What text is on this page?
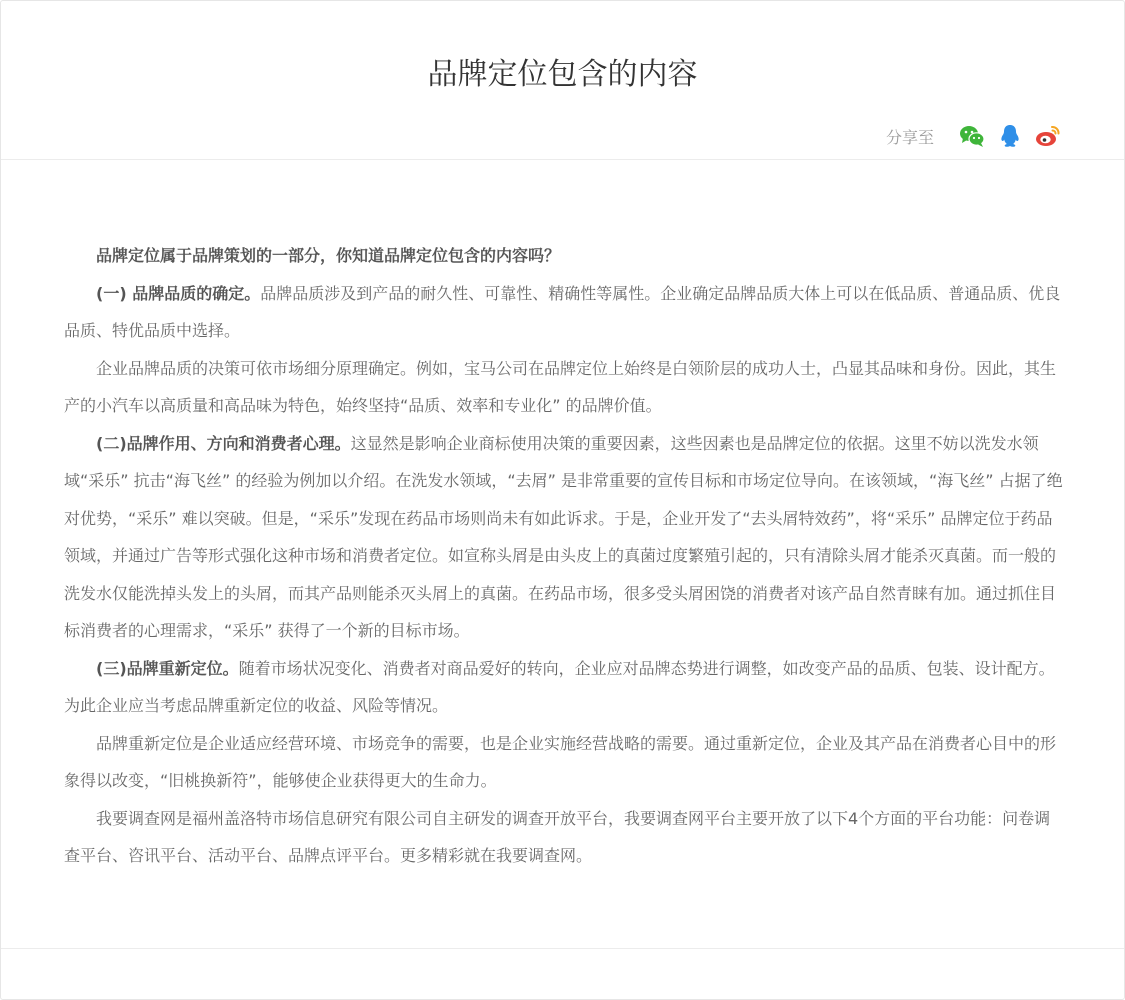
品牌定位包含的内容
分享至

品牌定位属于品牌策划的一部分，你知道品牌定位包含的内容吗？

(一) 品牌品质的确定。品牌品质涉及到产品的耐久性、可靠性、精确性等属性。企业确定品牌品质大体上可以在低品质、普通品质、优良品质、特优品质中选择。

企业品牌品质的决策可依市场细分原理确定。例如，宝马公司在品牌定位上始终是白领阶层的成功人士，凸显其品味和身份。因此，其生产的小汽车以高质量和高品味为特色，始终坚持“品质、效率和专业化” 的品牌价值。

(二)品牌作用、方向和消费者心理。这显然是影响企业商标使用决策的重要因素，这些因素也是品牌定位的依据。这里不妨以洗发水领域“采乐” 抗击“海飞丝” 的经验为例加以介绍。在洗发水领域，“去屑” 是非常重要的宣传目标和市场定位导向。在该领域，“海飞丝” 占据了绝对优势，“采乐” 难以突破。但是，“采乐”发现在药品市场则尚未有如此诉求。于是，企业开发了“去头屑特效药”，将“采乐” 品牌定位于药品领域，并通过广告等形式强化这种市场和消费者定位。如宣称头屑是由头皮上的真菌过度繁殖引起的，只有清除头屑才能杀灭真菌。而一般的洗发水仅能洗掉头发上的头屑，而其产品则能杀灭头屑上的真菌。在药品市场，很多受头屑困饶的消费者对该产品自然青睐有加。通过抓住目标消费者的心理需求，“采乐” 获得了一个新的目标市场。

(三)品牌重新定位。随着市场状况变化、消费者对商品爱好的转向，企业应对品牌态势进行调整，如改变产品的品质、包装、设计配方。为此企业应当考虑品牌重新定位的收益、风险等情况。

品牌重新定位是企业适应经营环境、市场竞争的需要，也是企业实施经营战略的需要。通过重新定位，企业及其产品在消费者心目中的形象得以改变，“旧桃换新符”，能够使企业获得更大的生命力。

我要调查网是福州盖洛特市场信息研究有限公司自主研发的调查开放平台，我要调查网平台主要开放了以下4个方面的平台功能：问卷调查平台、咨讯平台、活动平台、品牌点评平台。更多精彩就在我要调查网。
